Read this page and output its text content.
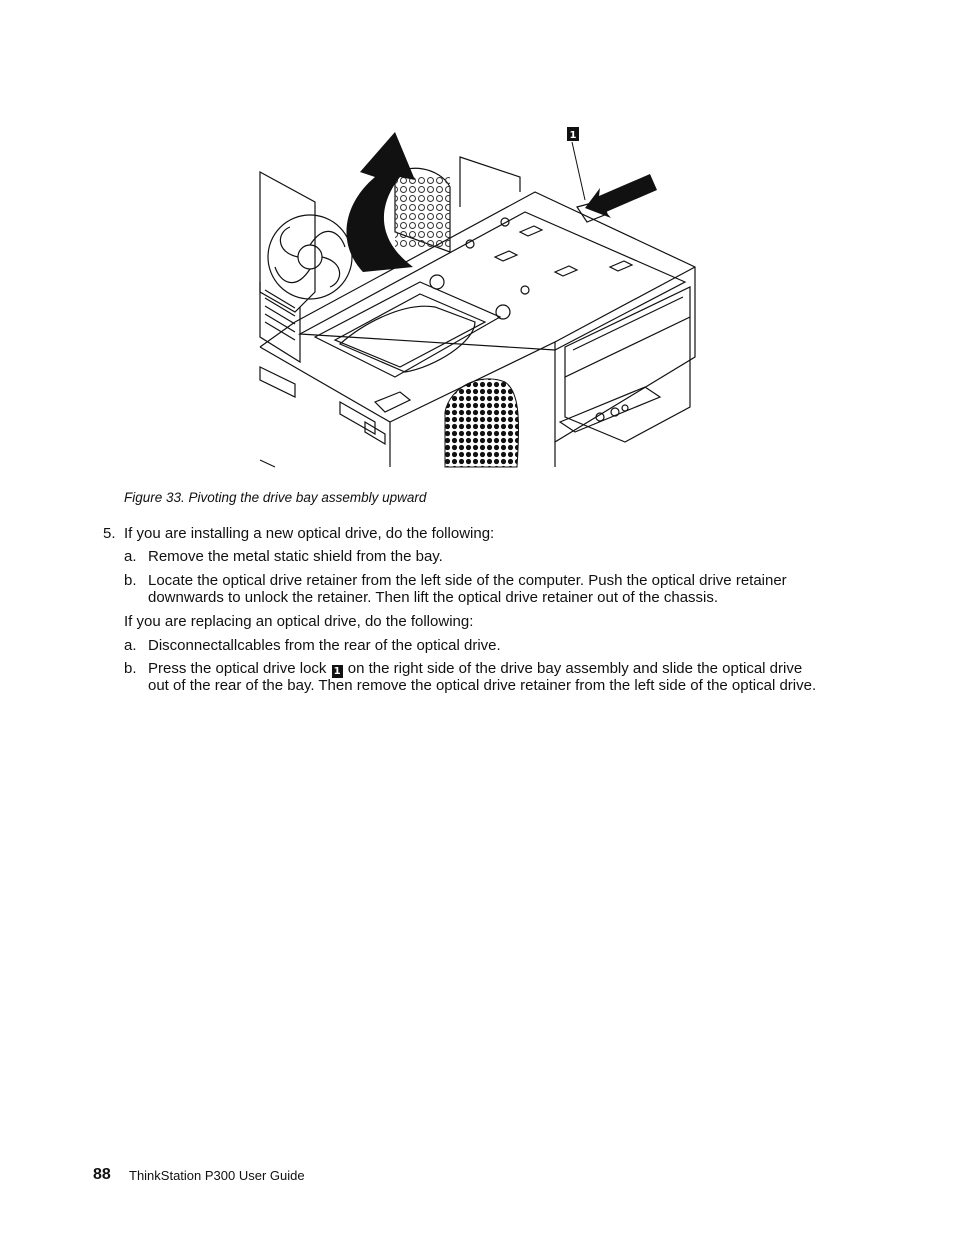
1
Figure 33. Pivoting the drive bay assembly upward
5. If you are installing a new optical drive, do the following:
a. Remove the metal static shield from the bay.
b. Locate the optical drive retainer from the left side of the computer. Push the optical drive retainer
downwards to unlock the retainer. Then lift the optical drive retainer out of the chassis.
If you are replacing an optical drive, do the following:
a. Disconnectallcables from the rear of the optical drive.
b. Press the optical drive lock 1 on the right side of the drive bay assembly and slide the optical drive
out of the rear of the bay. Then remove the optical drive retainer from the left side of the optical drive.
88 ThinkStation P300 User Guide
